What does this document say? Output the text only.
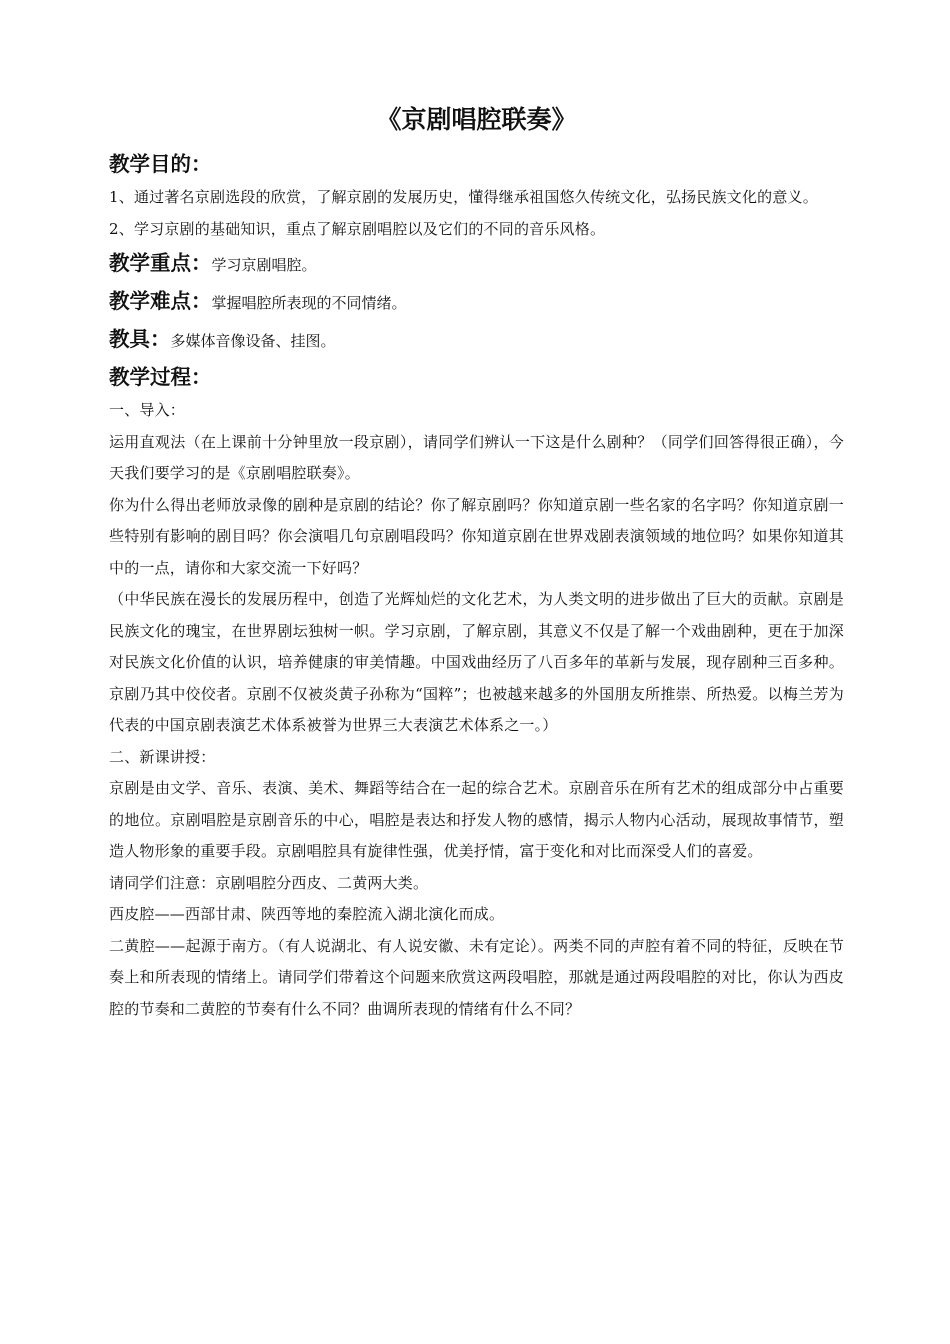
《京剧唱腔联奏》
教学目的：

1、通过著名京剧选段的欣赏，了解京剧的发展历史，懂得继承祖国悠久传统文化，弘扬民族文化的意义。

2、学习京剧的基础知识，重点了解京剧唱腔以及它们的不同的音乐风格。

教学重点：学习京剧唱腔。
教学难点：掌握唱腔所表现的不同情绪。
教具：多媒体音像设备、挂图。
教学过程：

一、导入：

运用直观法（在上课前十分钟里放一段京剧），请同学们辨认一下这是什么剧种？（同学们回答得很正确），今天我们要学习的是《京剧唱腔联奏》。

你为什么得出老师放录像的剧种是京剧的结论？你了解京剧吗？你知道京剧一些名家的名字吗？你知道京剧一些特别有影响的剧目吗？你会演唱几句京剧唱段吗？你知道京剧在世界戏剧表演领域的地位吗？如果你知道其中的一点，请你和大家交流一下好吗？

（中华民族在漫长的发展历程中，创造了光辉灿烂的文化艺术，为人类文明的进步做出了巨大的贡献。京剧是民族文化的瑰宝，在世界剧坛独树一帜。学习京剧，了解京剧，其意义不仅是了解一个戏曲剧种，更在于加深对民族文化价值的认识，培养健康的审美情趣。中国戏曲经历了八百多年的革新与发展，现存剧种三百多种。京剧乃其中佼佼者。京剧不仅被炎黄子孙称为“国粹”；也被越来越多的外国朋友所推崇、所热爱。以梅兰芳为代表的中国京剧表演艺术体系被誉为世界三大表演艺术体系之一。）

二、新课讲授：

京剧是由文学、音乐、表演、美术、舞蹈等结合在一起的综合艺术。京剧音乐在所有艺术的组成部分中占重要的地位。京剧唱腔是京剧音乐的中心，唱腔是表达和抒发人物的感情，揭示人物内心活动，展现故事情节，塑造人物形象的重要手段。京剧唱腔具有旋律性强，优美抒情，富于变化和对比而深受人们的喜爱。

请同学们注意：京剧唱腔分西皮、二黄两大类。

西皮腔——西部甘肃、陕西等地的秦腔流入湖北演化而成。

二黄腔——起源于南方。（有人说湖北、有人说安徽、未有定论）。两类不同的声腔有着不同的特征，反映在节奏上和所表现的情绪上。请同学们带着这个问题来欣赏这两段唱腔，那就是通过两段唱腔的对比，你认为西皮腔的节奏和二黄腔的节奏有什么不同？曲调所表现的情绪有什么不同？
